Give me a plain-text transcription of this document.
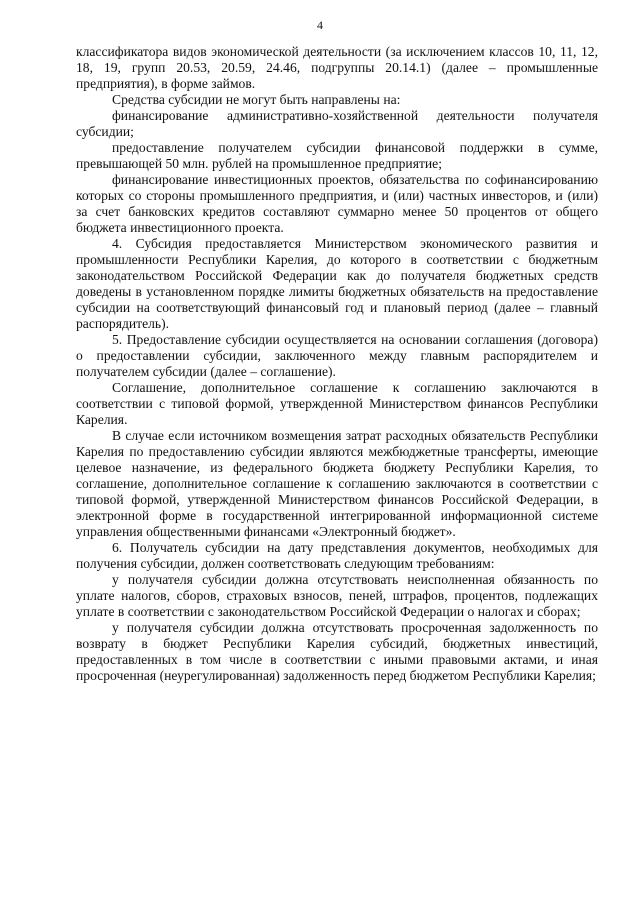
4

классификатора видов экономической деятельности (за исключением классов 10, 11, 12, 18, 19, групп 20.53, 20.59, 24.46, подгруппы 20.14.1) (далее – промышленные предприятия), в форме займов.

Средства субсидии не могут быть направлены на:

финансирование административно-хозяйственной деятельности получателя субсидии;

предоставление получателем субсидии финансовой поддержки в сумме, превышающей 50 млн. рублей на промышленное предприятие;

финансирование инвестиционных проектов, обязательства по софинансированию которых со стороны промышленного предприятия, и (или) частных инвесторов, и (или) за счет банковских кредитов составляют суммарно менее 50 процентов от общего бюджета инвестиционного проекта.

4. Субсидия предоставляется Министерством экономического развития и промышленности Республики Карелия, до которого в соответствии с бюджетным законодательством Российской Федерации как до получателя бюджетных средств доведены в установленном порядке лимиты бюджетных обязательств на предоставление субсидии на соответствующий финансовый год и плановый период (далее – главный распорядитель).

5. Предоставление субсидии осуществляется на основании соглашения (договора) о предоставлении субсидии, заключенного между главным распорядителем и получателем субсидии (далее – соглашение).

Соглашение, дополнительное соглашение к соглашению заключаются в соответствии с типовой формой, утвержденной Министерством финансов Республики Карелия.

В случае если источником возмещения затрат расходных обязательств Республики Карелия по предоставлению субсидии являются межбюджетные трансферты, имеющие целевое назначение, из федерального бюджета бюджету Республики Карелия, то соглашение, дополнительное соглашение к соглашению заключаются в соответствии с типовой формой, утвержденной Министерством финансов Российской Федерации, в электронной форме в государственной интегрированной информационной системе управления общественными финансами «Электронный бюджет».

6. Получатель субсидии на дату представления документов, необходимых для получения субсидии, должен соответствовать следующим требованиям:

у получателя субсидии должна отсутствовать неисполненная обязанность по уплате налогов, сборов, страховых взносов, пеней, штрафов, процентов, подлежащих уплате в соответствии с законодательством Российской Федерации о налогах и сборах;

у получателя субсидии должна отсутствовать просроченная задолженность по возврату в бюджет Республики Карелия субсидий, бюджетных инвестиций, предоставленных в том числе в соответствии с иными правовыми актами, и иная просроченная (неурегулированная) задолженность перед бюджетом Республики Карелия;
